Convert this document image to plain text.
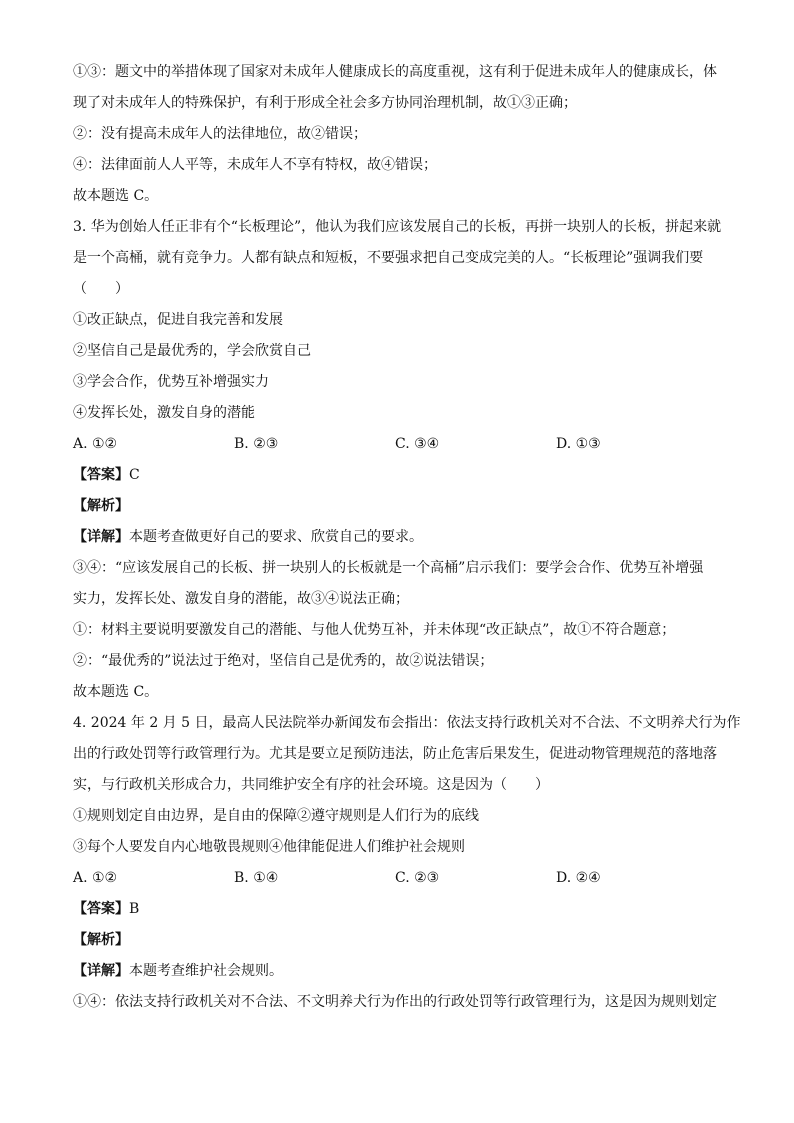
①③：题文中的举措体现了国家对未成年人健康成长的高度重视，这有利于促进未成年人的健康成长，体
现了对未成年人的特殊保护，有利于形成全社会多方协同治理机制，故①③正确；
②：没有提高未成年人的法律地位，故②错误；
④：法律面前人人平等，未成年人不享有特权，故④错误；
故本题选 C。
3. 华为创始人任正非有个“长板理论”，他认为我们应该发展自己的长板，再拼一块别人的长板，拼起来就
是一个高桶，就有竞争力。人都有缺点和短板，不要强求把自己变成完美的人。“长板理论”强调我们要
（　　）
①改正缺点，促进自我完善和发展
②坚信自己是最优秀的，学会欣赏自己
③学会合作，优势互补增强实力
④发挥长处，激发自身的潜能
A. ①②	B. ②③	C. ③④	D. ①③
【答案】C
【解析】
【详解】本题考查做更好自己的要求、欣赏自己的要求。
③④：“应该发展自己的长板、拼一块别人的长板就是一个高桶”启示我们：要学会合作、优势互补增强
实力，发挥长处、激发自身的潜能，故③④说法正确；
①：材料主要说明要激发自己的潜能、与他人优势互补，并未体现“改正缺点”，故①不符合题意；
②：“最优秀的”说法过于绝对，坚信自己是优秀的，故②说法错误；
故本题选 C。
4. 2024 年 2 月 5 日，最高人民法院举办新闻发布会指出：依法支持行政机关对不合法、不文明养犬行为作
出的行政处罚等行政管理行为。尤其是要立足预防违法，防止危害后果发生，促进动物管理规范的落地落
实，与行政机关形成合力，共同维护安全有序的社会环境。这是因为（　　）
①规则划定自由边界，是自由的保障②遵守规则是人们行为的底线
③每个人要发自内心地敬畏规则④他律能促进人们维护社会规则
A. ①②	B. ①④	C. ②③	D. ②④
【答案】B
【解析】
【详解】本题考查维护社会规则。
①④：依法支持行政机关对不合法、不文明养犬行为作出的行政处罚等行政管理行为，这是因为规则划定
